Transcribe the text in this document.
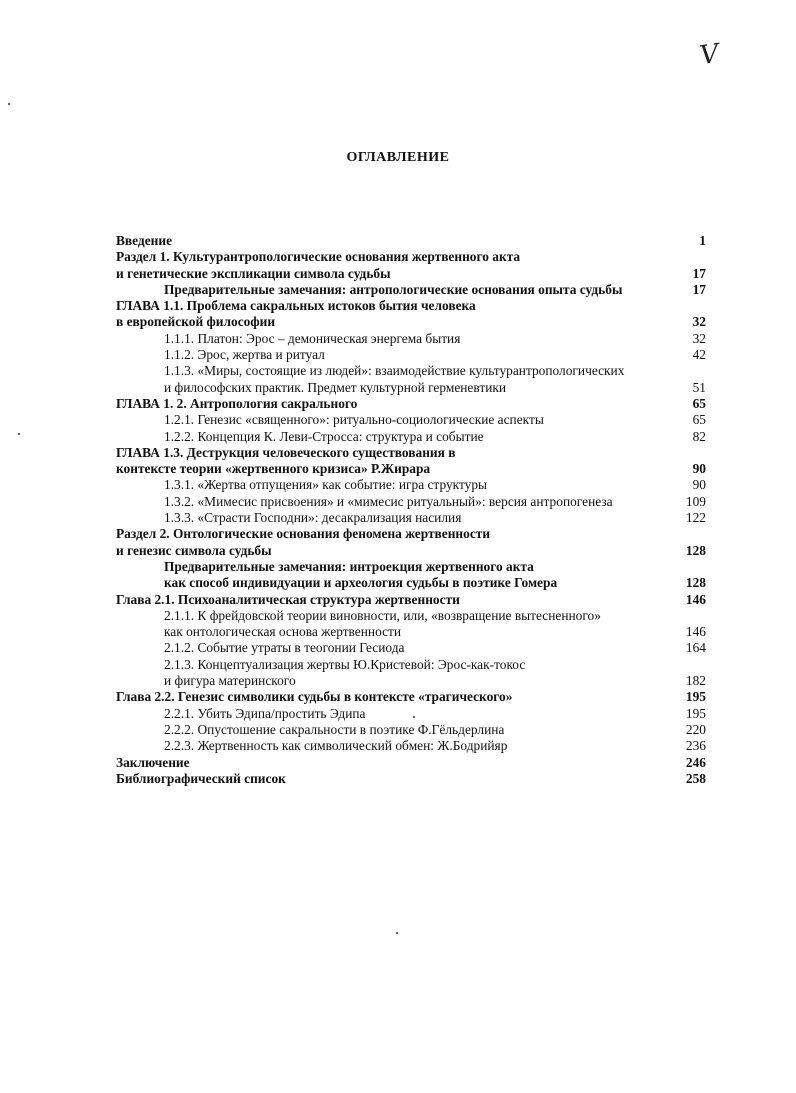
V
ОГЛАВЛЕНИЕ
Введение	1
Раздел 1. Культурантропологические основания жертвенного акта
и генетические экспликации символа судьбы	17
Предварительные замечания: антропологические основания опыта судьбы	17
ГЛАВА 1.1. Проблема сакральных истоков бытия человека
в европейской философии	32
1.1.1. Платон: Эрос – демоническая энергема бытия	32
1.1.2. Эрос, жертва и ритуал	42
1.1.3. «Миры, состоящие из людей»: взаимодействие культурантропологических
и философских практик. Предмет культурной герменевтики	51
ГЛАВА 1. 2. Антропология сакрального	65
1.2.1. Генезис «священного»: ритуально-социологические аспекты	65
1.2.2. Концепция К. Леви-Стросса: структура и событие	82
ГЛАВА 1.3. Деструкция человеческого существования в
контексте теории «жертвенного кризиса» Р.Жирара	90
1.3.1. «Жертва отпущения» как событие: игра структуры	90
1.3.2. «Мимесис присвоения» и «мимесис ритуальный»: версия антропогенеза	109
1.3.3. «Страсти Господни»: десакрализация насилия	122
Раздел 2. Онтологические основания феномена жертвенности
и генезис символа судьбы	128
Предварительные замечания: интроекция жертвенного акта
как способ индивидуации и археология судьбы в поэтике Гомера	128
Глава 2.1. Психоаналитическая структура жертвенности	146
2.1.1. К фрейдовской теории виновности, или, «возвращение вытесненного»
как онтологическая основа жертвенности	146
2.1.2. Событие утраты в теогонии Гесиода	164
2.1.3. Концептуализация жертвы Ю.Кристевой: Эрос-как-токос
и фигура материнского	182
Глава 2.2. Генезис символики судьбы в контексте «трагического»	195
2.2.1. Убить Эдипа/простить Эдипа	195
2.2.2. Опустошение сакральности в поэтике Ф.Гёльдерлина	220
2.2.3. Жертвенность как символический обмен: Ж.Бодрийяр	236
Заключение	246
Библиографический список	258
